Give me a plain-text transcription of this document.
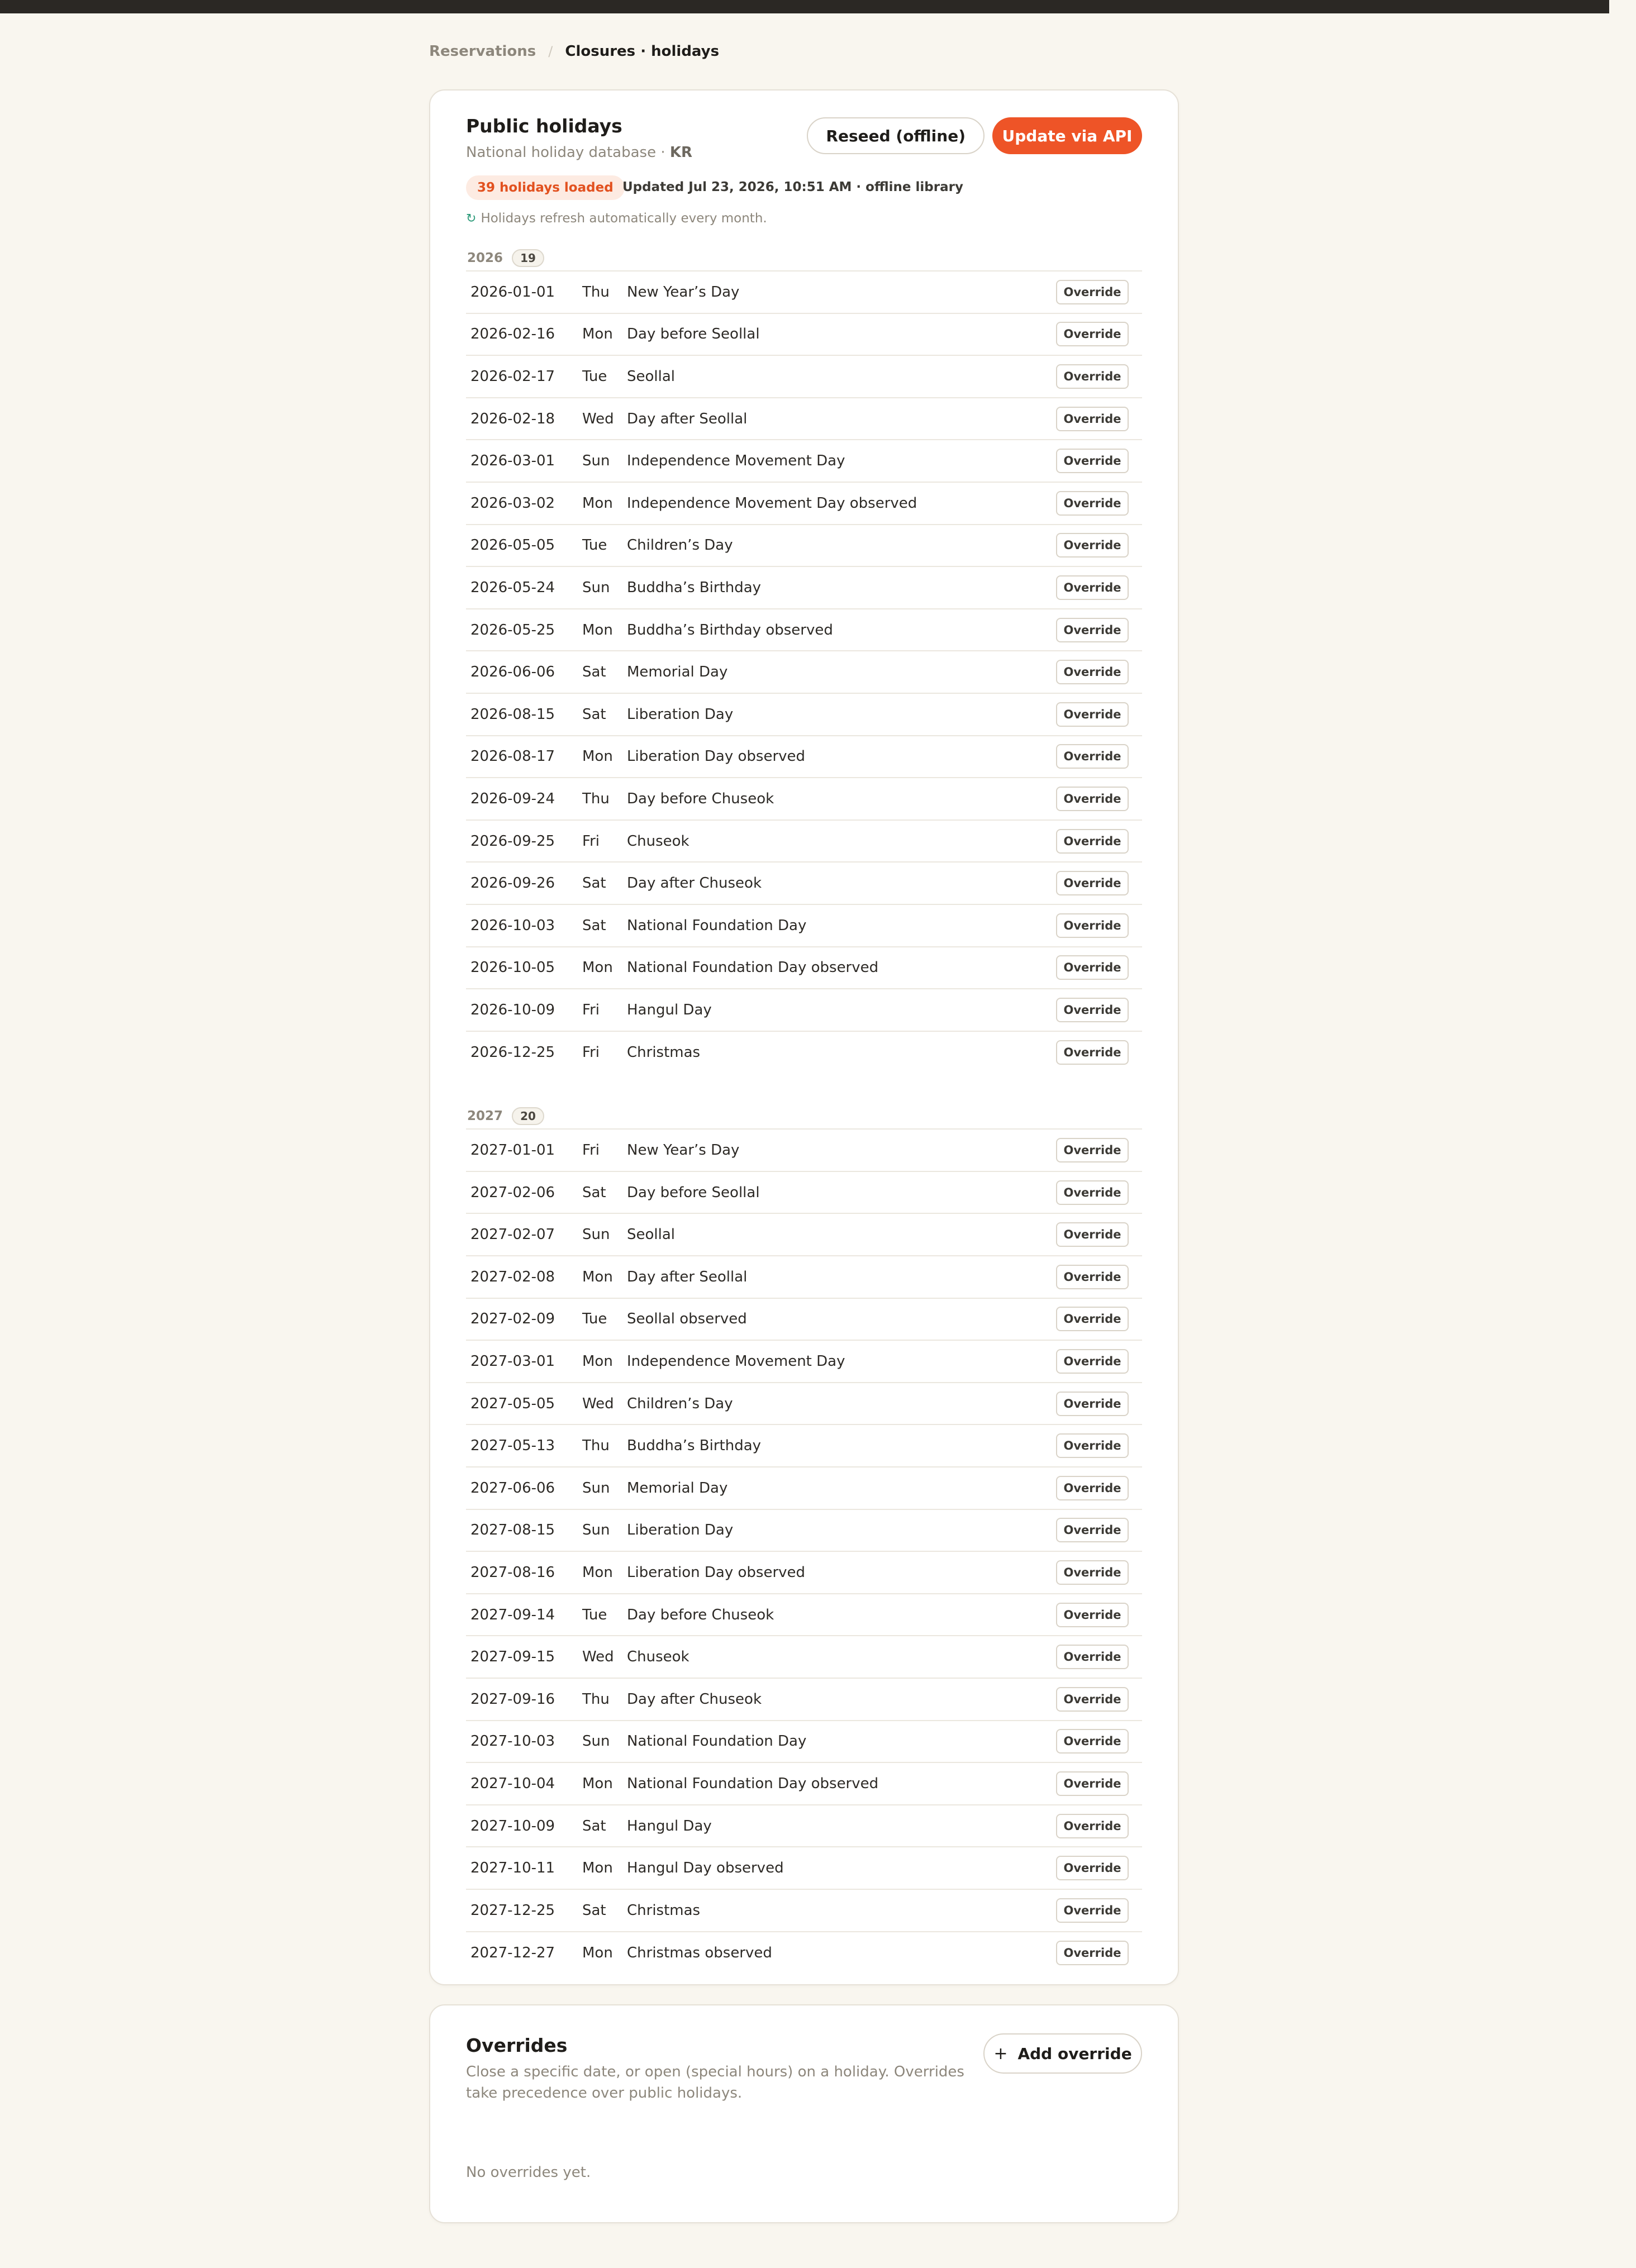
Reservations / Closures · holidays
Public holidays
National holiday database · KR
Reseed (offline)	Update via API
39 holidays loaded Updated Jul 23, 2026, 10:51 AM · offline library
↻ Holidays refresh automatically every month.
2026	19
2026-01-01	Thu	New Year’s Day	Override
2026-02-16	Mon Day before Seollal	Override
2026-02-17	Tue	Seollal	Override
2026-02-18	Wed Day after Seollal	Override
2026-03-01	Sun	Independence Movement Day	Override
2026-03-02	Mon Independence Movement Day observed	Override
2026-05-05	Tue	Children’s Day	Override
2026-05-24	Sun	Buddha’s Birthday	Override
2026-05-25	Mon Buddha’s Birthday observed	Override
2026-06-06	Sat	Memorial Day	Override
2026-08-15	Sat	Liberation Day	Override
2026-08-17	Mon Liberation Day observed	Override
2026-09-24	Thu	Day before Chuseok	Override
2026-09-25	Fri	Chuseok	Override
2026-09-26	Sat	Day after Chuseok	Override
2026-10-03	Sat	National Foundation Day	Override
2026-10-05	Mon National Foundation Day observed	Override
2026-10-09	Fri	Hangul Day	Override
2026-12-25	Fri	Christmas	Override
2027	20
2027-01-01	Fri	New Year’s Day	Override
2027-02-06	Sat	Day before Seollal	Override
2027-02-07	Sun	Seollal	Override
2027-02-08	Mon Day after Seollal	Override
2027-02-09	Tue	Seollal observed	Override
2027-03-01	Mon Independence Movement Day	Override
2027-05-05	Wed Children’s Day	Override
2027-05-13	Thu	Buddha’s Birthday	Override
2027-06-06	Sun	Memorial Day	Override
2027-08-15	Sun	Liberation Day	Override
2027-08-16	Mon Liberation Day observed	Override
2027-09-14	Tue	Day before Chuseok	Override
2027-09-15	Wed Chuseok	Override
2027-09-16	Thu	Day after Chuseok	Override
2027-10-03	Sun	National Foundation Day	Override
2027-10-04	Mon National Foundation Day observed	Override
2027-10-09	Sat	Hangul Day	Override
2027-10-11	Mon Hangul Day observed	Override
2027-12-25	Sat	Christmas	Override
2027-12-27	Mon Christmas observed	Override
Overrides
Close a specific date, or open (special hours) on a holiday. Overrides take precedence over public holidays.
+ Add override
No overrides yet.
